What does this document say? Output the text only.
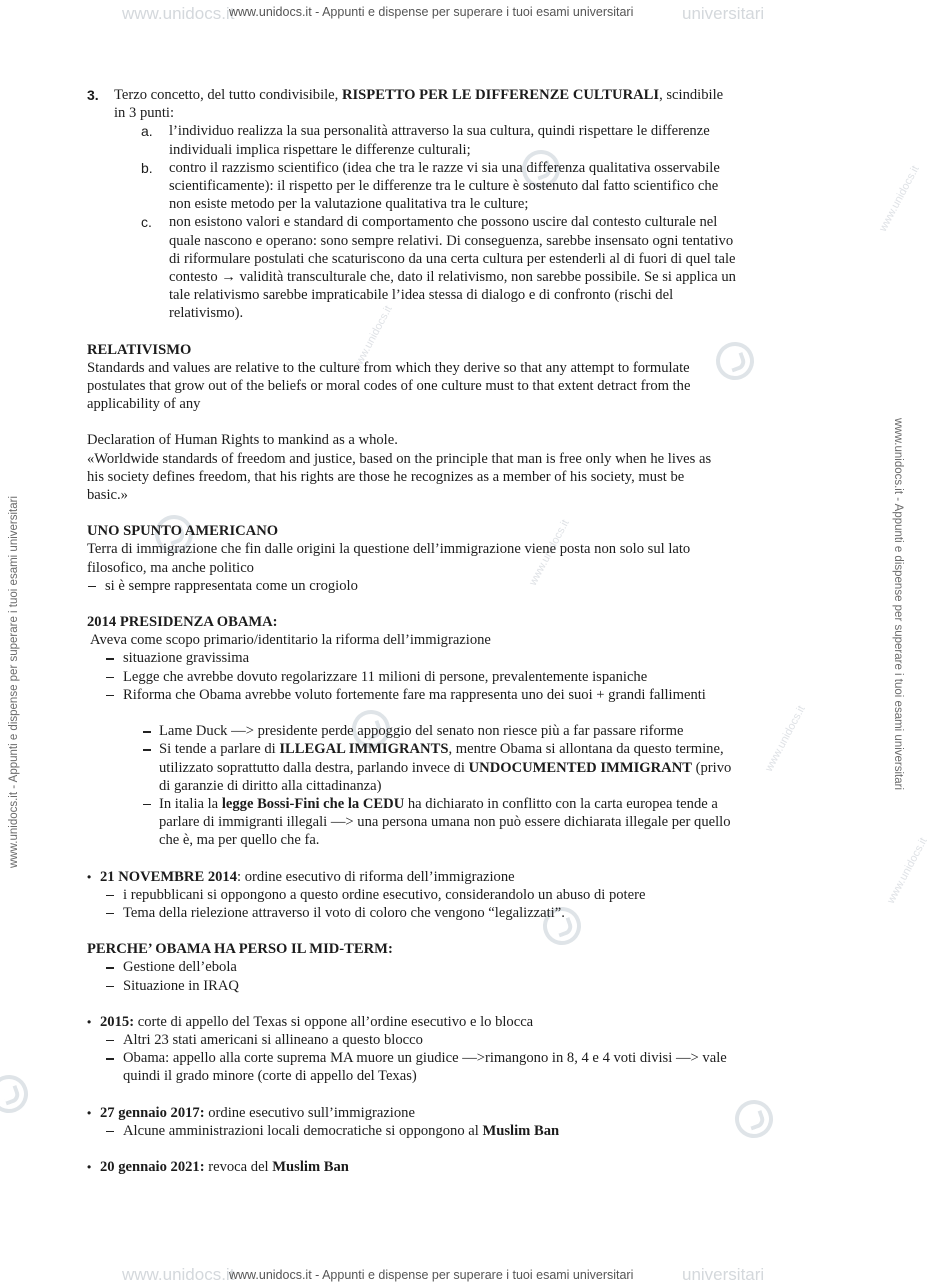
www.unidocs.it	universitari
www.unidocs.it - Appunti e dispense per superare i tuoi esami universitari
www.unidocs.it	universitari
www.unidocs.it - Appunti e dispense per superare i tuoi esami universitari
www.unidocs.it - Appunti e dispense per superare i tuoi esami universitari	www.unidocs.it - Appunti e dispense per superare i tuoi esami universitari
www.unidocs.it
www.unidocs.it
www.unidocs.it
www.unidocs.it
www.unidocs.it
3.	Terzo concetto, del tutto condivisibile, RISPETTO PER LE DIFFERENZE CULTURALI, scindibile
in 3 punti:
a. l’individuo realizza la sua personalità attraverso la sua cultura, quindi rispettare le differenze
individuali implica rispettare le differenze culturali;
b. contro il razzismo scientifico (idea che tra le razze vi sia una differenza qualitativa osservabile
scientificamente): il rispetto per le differenze tra le culture è sostenuto dal fatto scientifico che
non esiste metodo per la valutazione qualitativa tra le culture;
c. non esistono valori e standard di comportamento che possono uscire dal contesto culturale nel
quale nascono e operano: sono sempre relativi. Di conseguenza, sarebbe insensato ogni tentativo
di riformulare postulati che scaturiscono da una certa cultura per estenderli al di fuori di quel tale
contesto → validità transculturale che, dato il relativismo, non sarebbe possibile. Se si applica un
tale relativismo sarebbe impraticabile l’idea stessa di dialogo e di confronto (rischi del
relativismo).
RELATIVISMO
Standards and values are relative to the culture from which they derive so that any attempt to formulate
postulates that grow out of the beliefs or moral codes of one culture must to that extent detract from the
applicability of any
Declaration of Human Rights to mankind as a whole.
«Worldwide standards of freedom and justice, based on the principle that man is free only when he lives as
his society defines freedom, that his rights are those he recognizes as a member of his society, must be
basic.»
UNO SPUNTO AMERICANO
Terra di immigrazione che fin dalle origini la questione dell’immigrazione viene posta non solo sul lato
filosofico, ma anche politico
si è sempre rappresentata come un crogiolo
2014 PRESIDENZA OBAMA:
Aveva come scopo primario/identitario la riforma dell’immigrazione
situazione gravissima
Legge che avrebbe dovuto regolarizzare 11 milioni di persone, prevalentemente ispaniche
Riforma che Obama avrebbe voluto fortemente fare ma rappresenta uno dei suoi + grandi fallimenti
Lame Duck —> presidente perde appoggio del senato non riesce più a far passare riforme
Si tende a parlare di ILLEGAL IMMIGRANTS, mentre Obama si allontana da questo termine,
utilizzato soprattutto dalla destra, parlando invece di UNDOCUMENTED IMMIGRANT (privo
di garanzie di diritto alla cittadinanza)
In italia la legge Bossi-Fini che la CEDU ha dichiarato in conflitto con la carta europea tende a
parlare di immigranti illegali —> una persona umana non può essere dichiarata illegale per quello
che è, ma per quello che fa.
• 21 NOVEMBRE 2014: ordine esecutivo di riforma dell’immigrazione
i repubblicani si oppongono a questo ordine esecutivo, considerandolo un abuso di potere
Tema della rielezione attraverso il voto di coloro che vengono “legalizzati”.
PERCHE’ OBAMA HA PERSO IL MID-TERM:
Gestione dell’ebola
Situazione in IRAQ
• 2015: corte di appello del Texas si oppone all’ordine esecutivo e lo blocca
Altri 23 stati americani si allineano a questo blocco
Obama: appello alla corte suprema MA muore un giudice —>rimangono in 8, 4 e 4 voti divisi —> vale
quindi il grado minore (corte di appello del Texas)
• 27 gennaio 2017: ordine esecutivo sull’immigrazione
Alcune amministrazioni locali democratiche si oppongono al Muslim Ban
• 20 gennaio 2021: revoca del Muslim Ban
